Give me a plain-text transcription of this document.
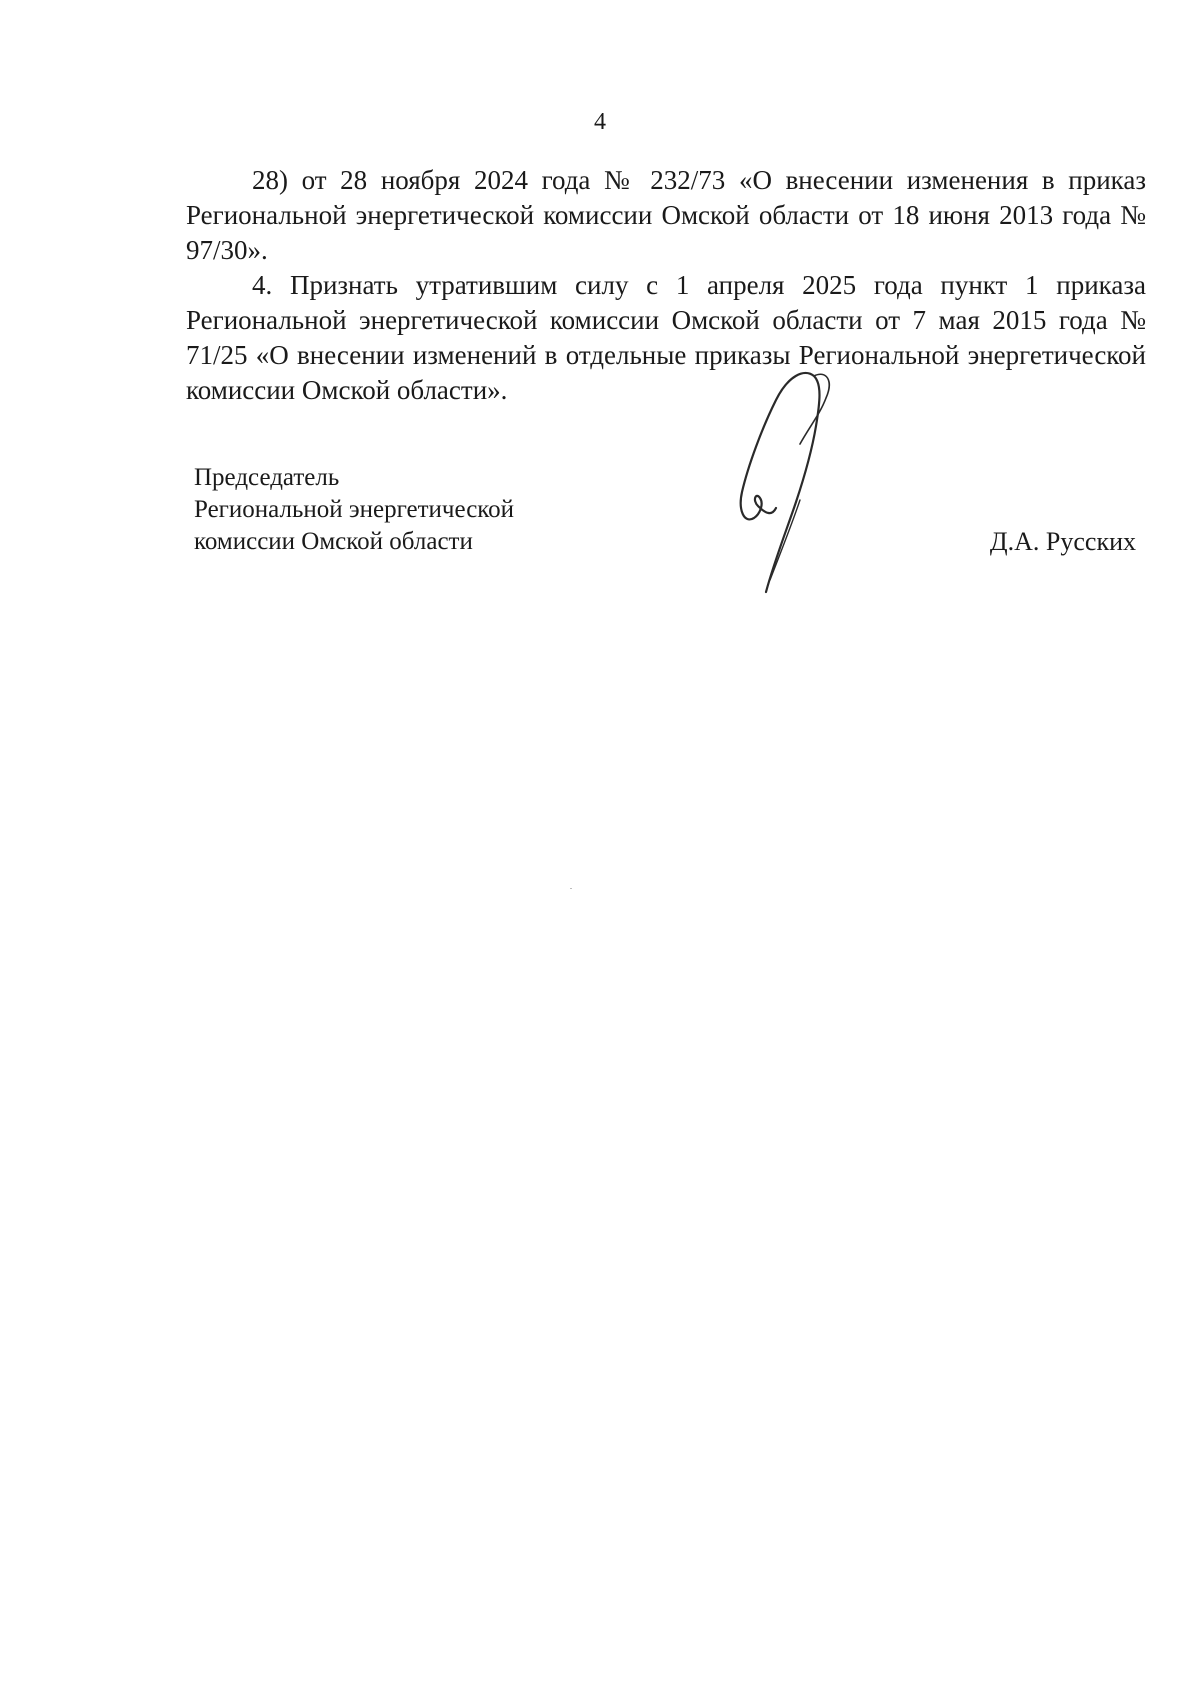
4

28) от 28 ноября 2024 года № 232/73 «О внесении изменения в приказ Региональной энергетической комиссии Омской области от 18 июня 2013 года № 97/30».

4. Признать утратившим силу с 1 апреля 2025 года пункт 1 приказа Региональной энергетической комиссии Омской области от 7 мая 2015 года № 71/25 «О внесении изменений в отдельные приказы Региональной энергетической комиссии Омской области».

Председатель
Региональной энергетической
комиссии Омской области	Д.А. Русских
